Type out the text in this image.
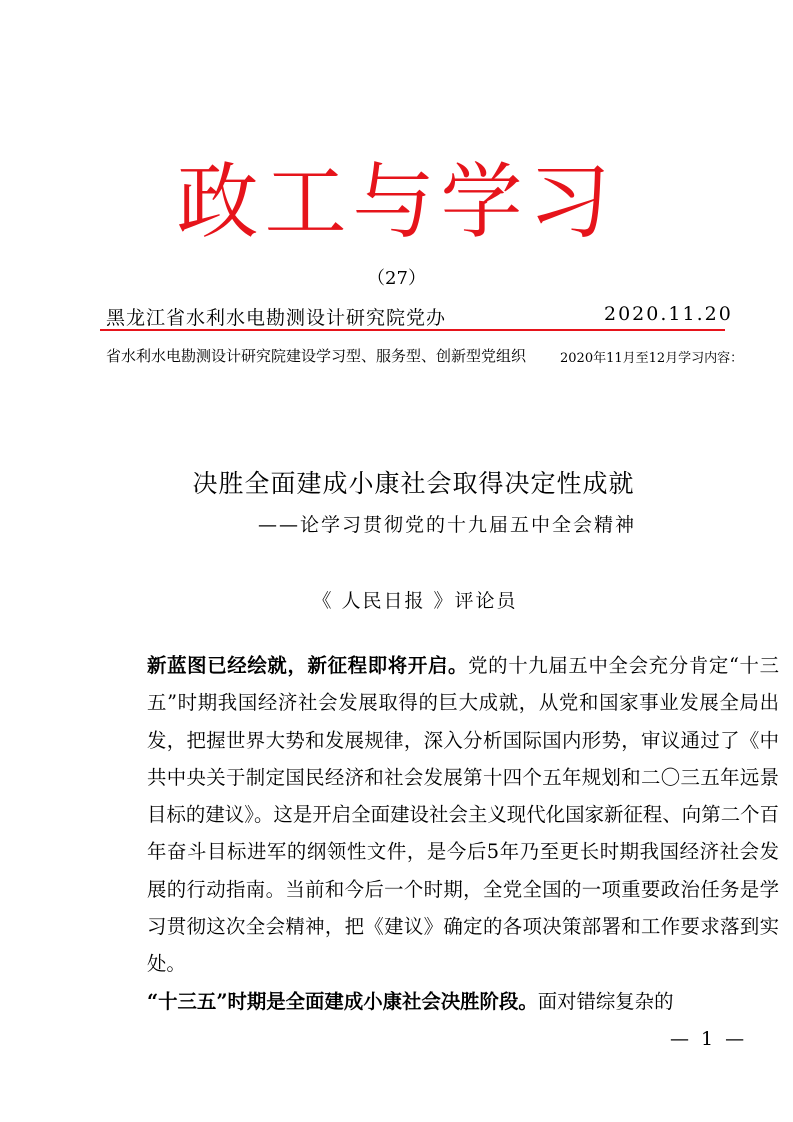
政工与学习
（27）
黑龙江省水利水电勘测设计研究院党办	2020.11.20
省水利水电勘测设计研究院建设学习型、服务型、创新型党组织	2020年11月至12月学习内容：
决胜全面建成小康社会取得决定性成就
——论学习贯彻党的十九届五中全会精神
《 人民日报 》评论员
新蓝图已经绘就，新征程即将开启。党的十九届五中全会充分肯定“十三五”时期我国经济社会发展取得的巨大成就，从党和国家事业发展全局出发，把握世界大势和发展规律，深入分析国际国内形势，审议通过了《中共中央关于制定国民经济和社会发展第十四个五年规划和二〇三五年远景目标的建议》。这是开启全面建设社会主义现代化国家新征程、向第二个百年奋斗目标进军的纲领性文件，是今后5年乃至更长时期我国经济社会发展的行动指南。当前和今后一个时期，全党全国的一项重要政治任务是学习贯彻这次全会精神，把《建议》确定的各项决策部署和工作要求落到实处。
“十三五”时期是全面建成小康社会决胜阶段。面对错综复杂的
— 1 —
